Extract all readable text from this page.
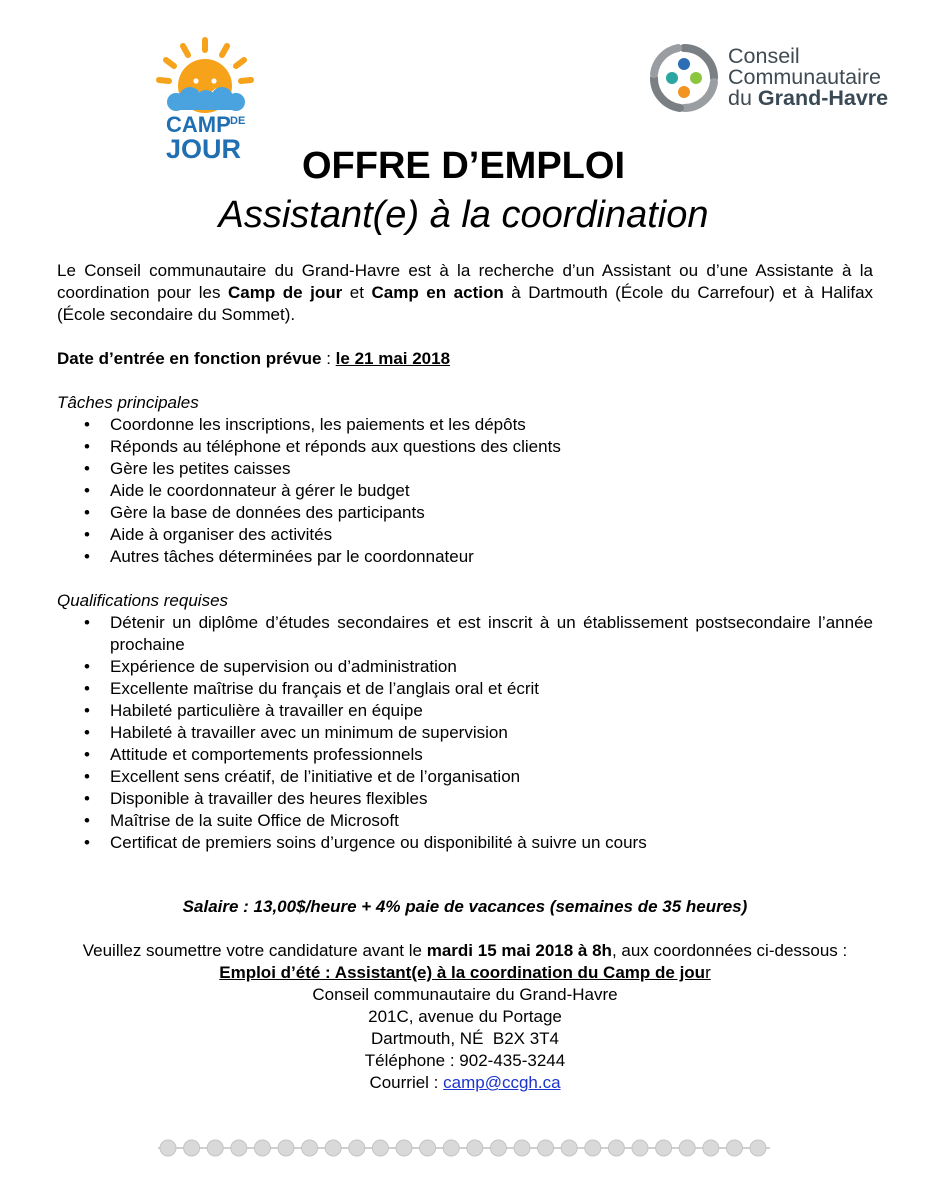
CAMP DE
JOUR
Conseil
Communautaire
du Grand-Havre
OFFRE D’EMPLOI
Assistant(e) à la coordination

Le Conseil communautaire du Grand-Havre est à la recherche d’un Assistant ou d’une Assistante à la coordination pour les Camp de jour et Camp en action à Dartmouth (École du Carrefour) et à Halifax (École secondaire du Sommet).

Date d’entrée en fonction prévue : le 21 mai 2018

Tâches principales

• Coordonne les inscriptions, les paiements et les dépôts
• Réponds au téléphone et réponds aux questions des clients
• Gère les petites caisses
• Aide le coordonnateur à gérer le budget
• Gère la base de données des participants
• Aide à organiser des activités
• Autres tâches déterminées par le coordonnateur

Qualifications requises

• Détenir un diplôme d’études secondaires et est inscrit à un établissement postsecondaire l’année prochaine
• Expérience de supervision ou d’administration
• Excellente maîtrise du français et de l’anglais oral et écrit
• Habileté particulière à travailler en équipe
• Habileté à travailler avec un minimum de supervision
• Attitude et comportements professionnels
• Excellent sens créatif, de l’initiative et de l’organisation
• Disponible à travailler des heures flexibles
• Maîtrise de la suite Office de Microsoft
• Certificat de premiers soins d’urgence ou disponibilité à suivre un cours

Salaire : 13,00$/heure + 4% paie de vacances (semaines de 35 heures)

Veuillez soumettre votre candidature avant le mardi 15 mai 2018 à 8h, aux coordonnées ci-dessous :

Emploi d’été : Assistant(e) à la coordination du Camp de jour

Conseil communautaire du Grand-Havre

201C, avenue du Portage

Dartmouth, NÉ  B2X 3T4

Téléphone : 902-435-3244

Courriel : camp@ccgh.ca
